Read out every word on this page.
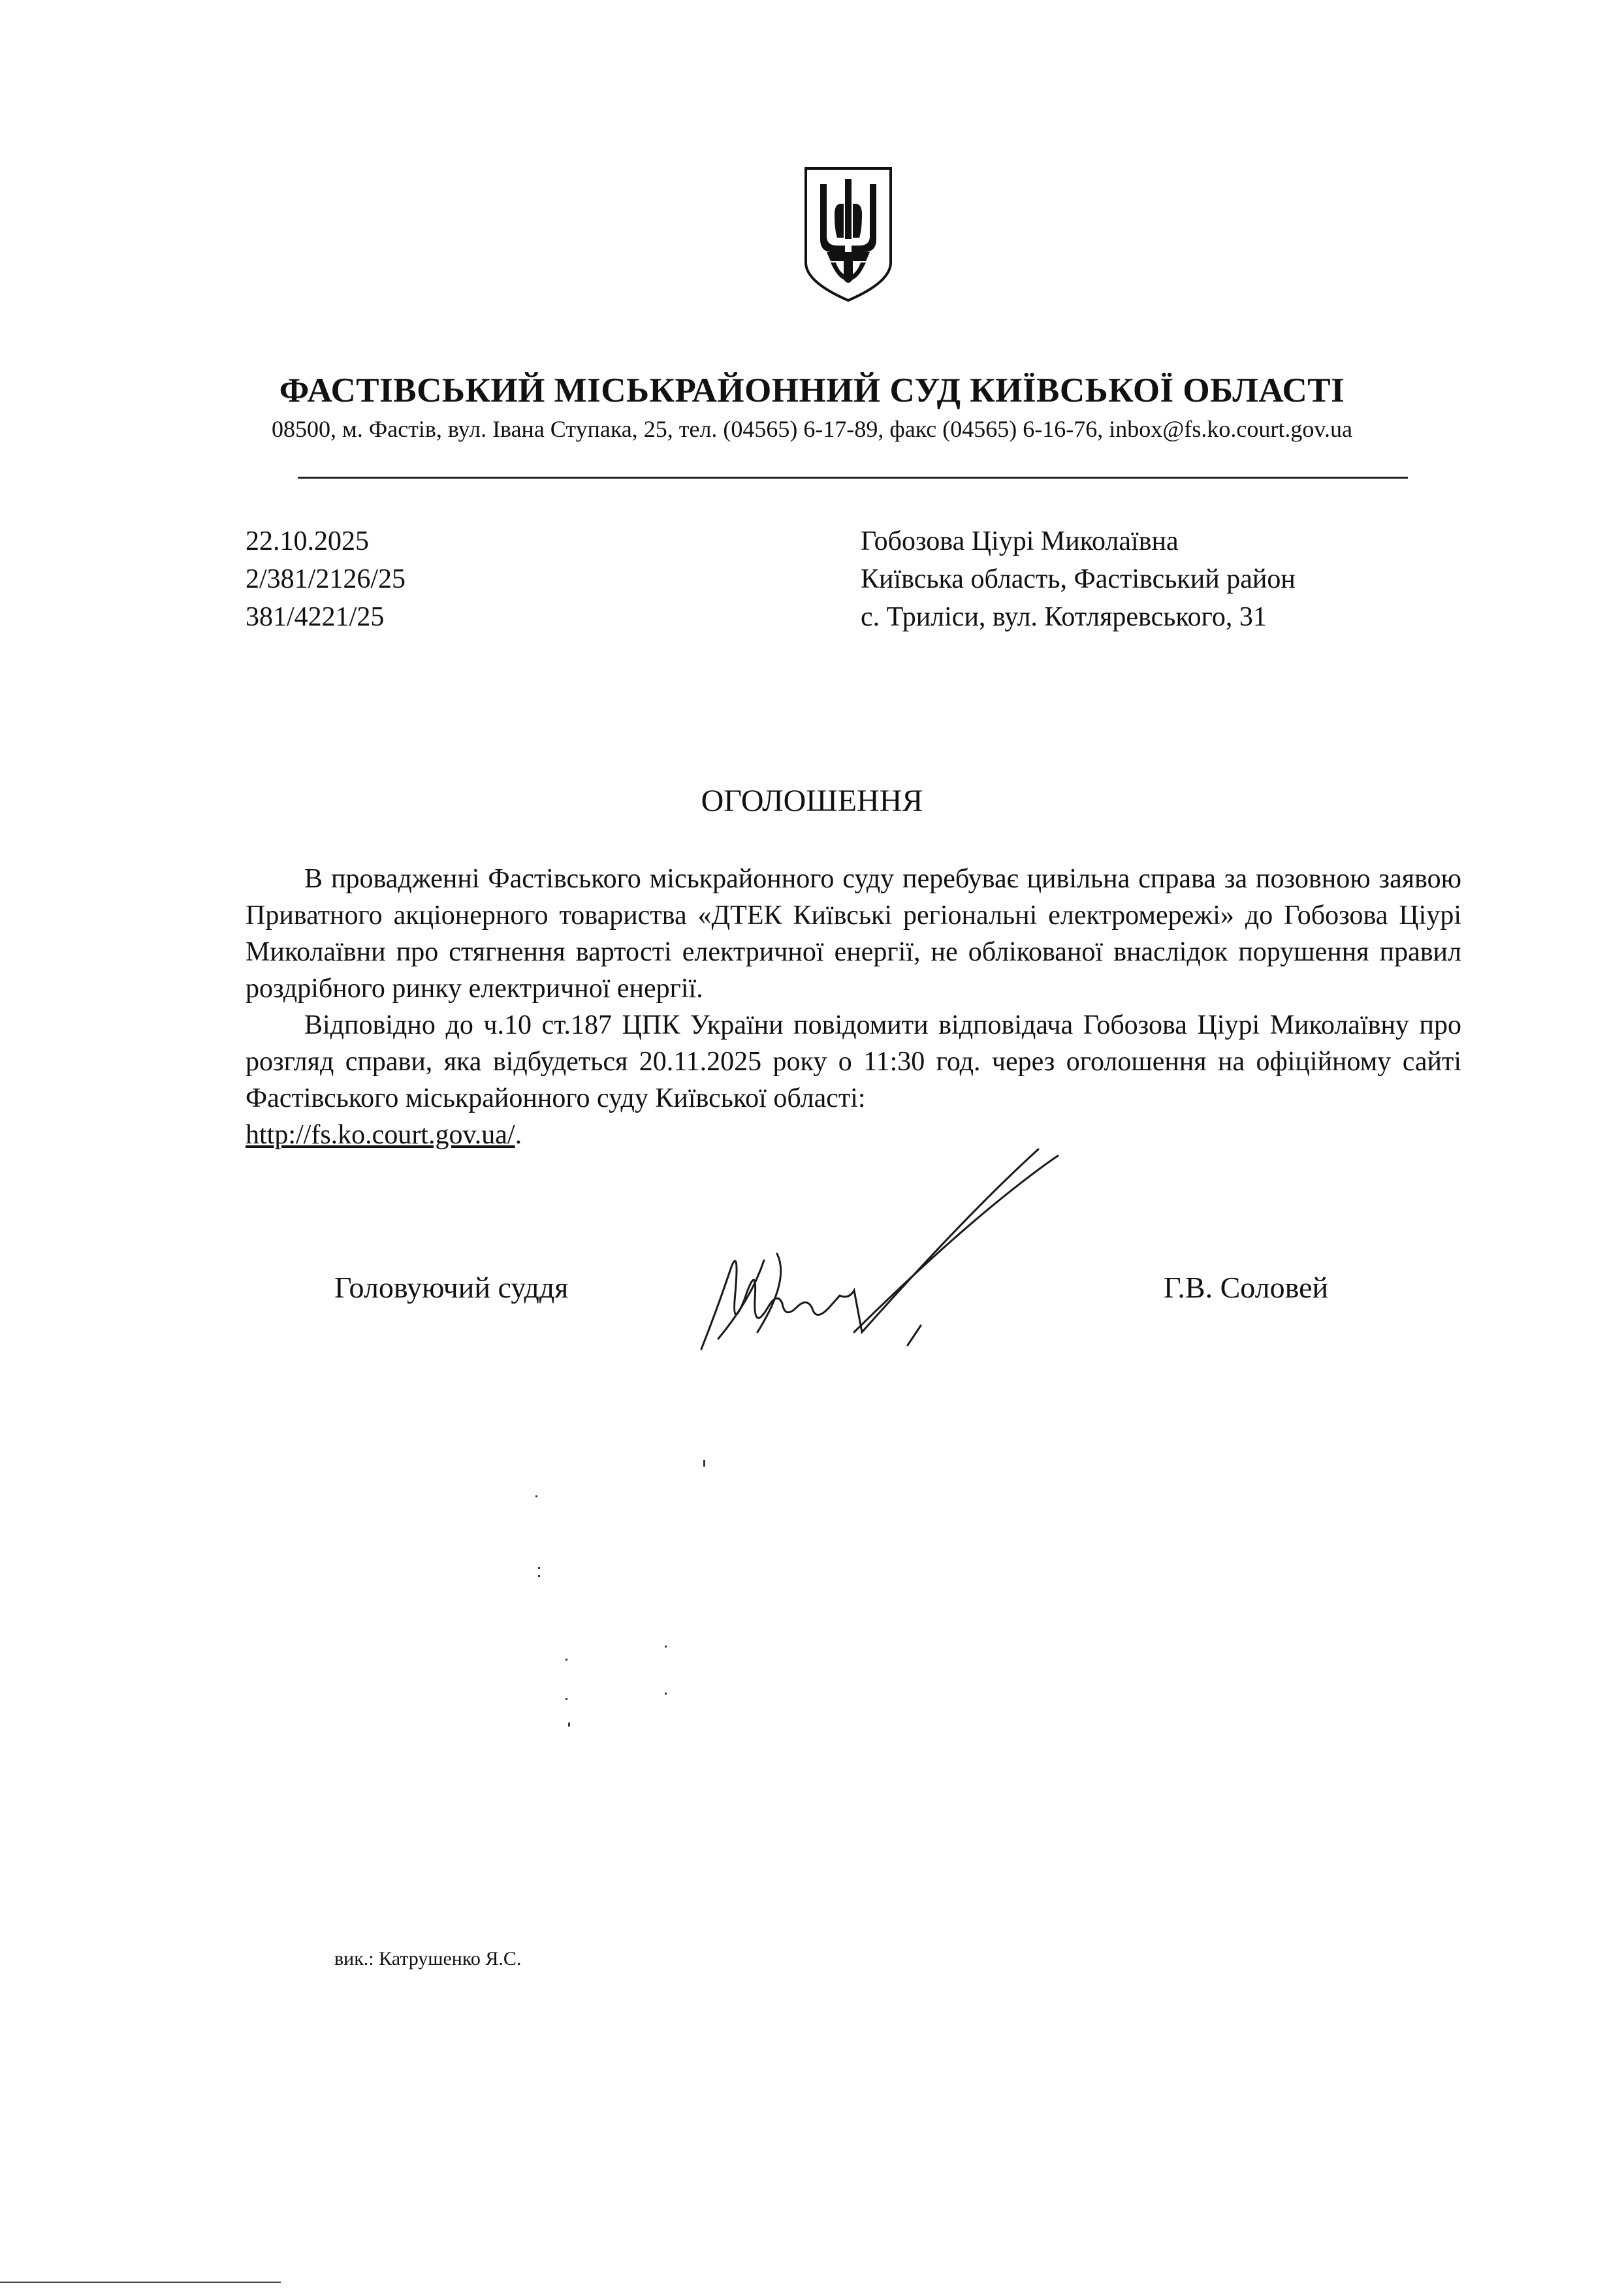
ФАСТІВСЬКИЙ МІСЬКРАЙОННИЙ СУД КИЇВСЬКОЇ ОБЛАСТІ
08500, м. Фастів, вул. Івана Ступака, 25, тел. (04565) 6-17-89, факс (04565) 6-16-76, inbox@fs.ko.court.gov.ua
22.10.2025
2/381/2126/25
381/4221/25
Гобозова Ціурі Миколаївна
Київська область, Фастівський район
с. Триліси, вул. Котляревського, 31
ОГОЛОШЕННЯ

В провадженні Фастівського міськрайонного суду перебуває цивільна справа за позовною заявою Приватного акціонерного товариства «ДТЕК Київські регіональні електромережі» до Гобозова Ціурі Миколаївни про стягнення вартості електричної енергії, не облікованої внаслідок порушення правил роздрібного ринку електричної енергії.

Відповідно до ч.10 ст.187 ЦПК України повідомити відповідача Гобозова Ціурі Миколаївну про розгляд справи, яка відбудеться 20.11.2025 року о 11:30 год. через оголошення на офіційному сайті Фастівського міськрайонного суду Київської області:
http://fs.ko.court.gov.ua/.

Головуючий суддя	Г.В. Соловей
вик.: Катрушенко Я.С.
